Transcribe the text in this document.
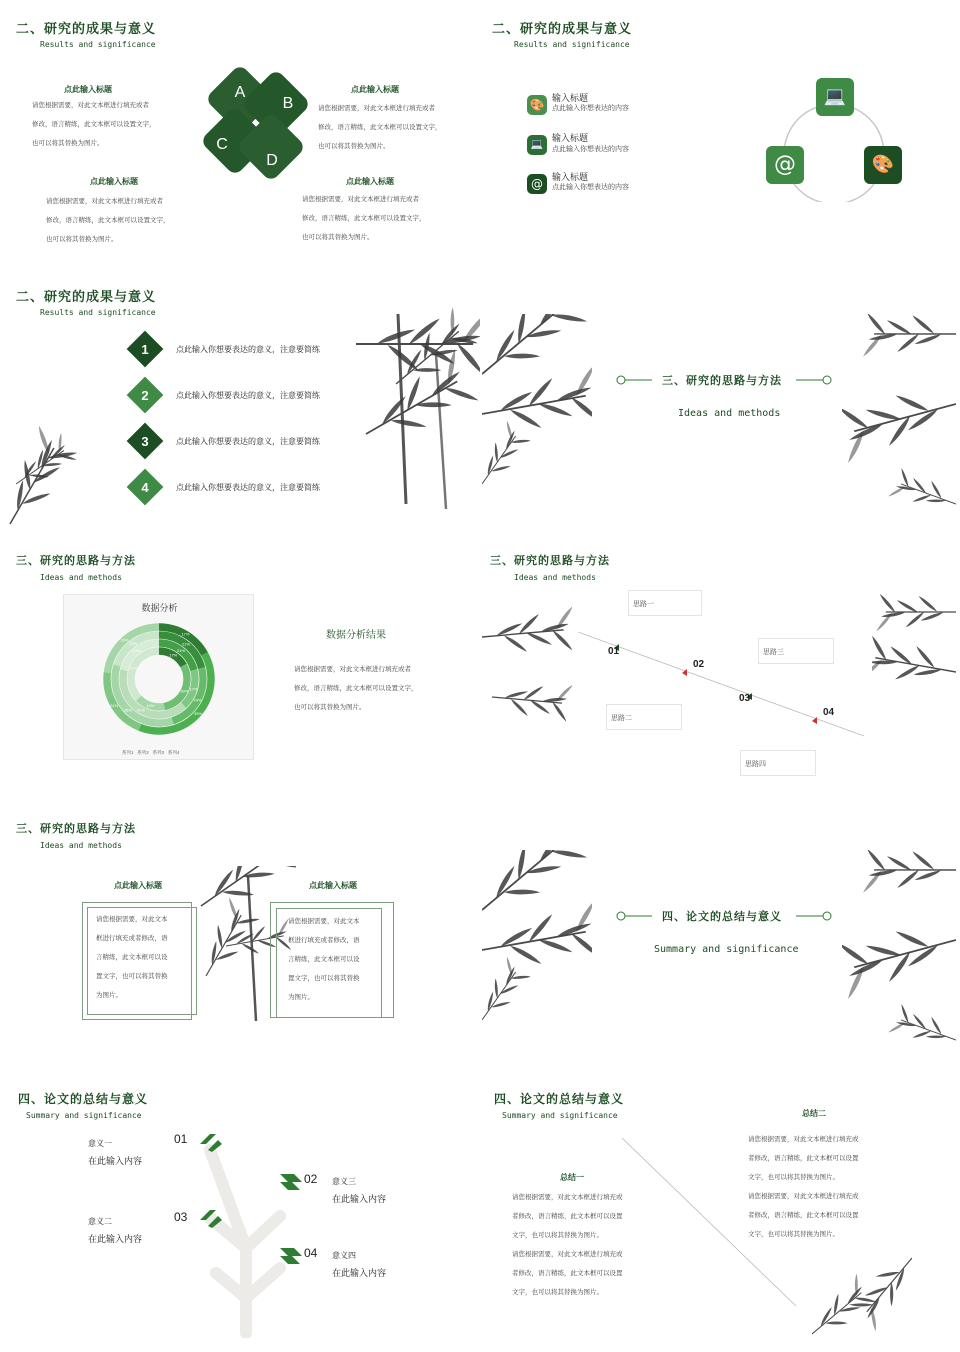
二、研究的成果与意义
Results and significance
A
B
C
D
点此输入标题
请您根据需要，对此文本框进行填充或者
修改，语言精练，此文本框可以设置文字，
也可以将其替换为图片。
点此输入标题
请您根据需要，对此文本框进行填充或者
修改，语言精练，此文本框可以设置文字，
也可以将其替换为图片。
点此输入标题
请您根据需要，对此文本框进行填充或者
修改，语言精练，此文本框可以设置文字，
也可以将其替换为图片。
点此输入标题
请您根据需要，对此文本框进行填充或者
修改，语言精练，此文本框可以设置文字，
也可以将其替换为图片。
二、研究的成果与意义
Results and significance
🎨 输入标题
点此输入你想表达的内容
💻
输入标题
点此输入你想表达的内容
@	输入标题
点此输入你想表达的内容
💻
@	🎨
二、研究的成果与意义
Results and significance
1	点此输入你想要表达的意义，注意要简练
2	点此输入你想要表达的意义，注意要简练
3	点此输入你想要表达的意义，注意要简练
4	点此输入你想要表达的意义，注意要简练
三、研究的思路与方法
Ideas and methods
三、研究的思路与方法
Ideas and methods
数据分析
17%
39%
21%
23%
21%
24%
35%
20%
21%
17%
41%
21%
17%
30%
16%
37%
系列1 系列2 系列3 系列4
数据分析结果
请您根据需要，对此文本框进行填充或者
修改，语言精练，此文本框可以设置文字，
也可以将其替换为图片。
三、研究的思路与方法
Ideas and methods
01
02
03
04
思路一
思路二
思路三
思路四
三、研究的思路与方法
Ideas and methods
点此输入标题
请您根据需要，对此文本
框进行填充或者修改，语
言精练，此文本框可以设
置文字，也可以将其替换
为图片。
点此输入标题
请您根据需要，对此文本
框进行填充或者修改，语
言精练，此文本框可以设
置文字，也可以将其替换
为图片。
四、论文的总结与意义
Summary and significance
四、论文的总结与意义
Summary and significance
01
意义一
在此输入内容
02 意义三
在此输入内容
03
意义二
在此输入内容
04 意义四
在此输入内容
四、论文的总结与意义
Summary and significance
总结一
请您根据需要，对此文本框进行填充或
者修改，语言精练，此文本框可以设置
文字，也可以将其替换为图片。
请您根据需要，对此文本框进行填充或
者修改，语言精练，此文本框可以设置
文字，也可以将其替换为图片。
总结二
请您根据需要，对此文本框进行填充或
者修改，语言精练，此文本框可以设置
文字，也可以将其替换为图片。
请您根据需要，对此文本框进行填充或
者修改，语言精练，此文本框可以设置
文字，也可以将其替换为图片。
